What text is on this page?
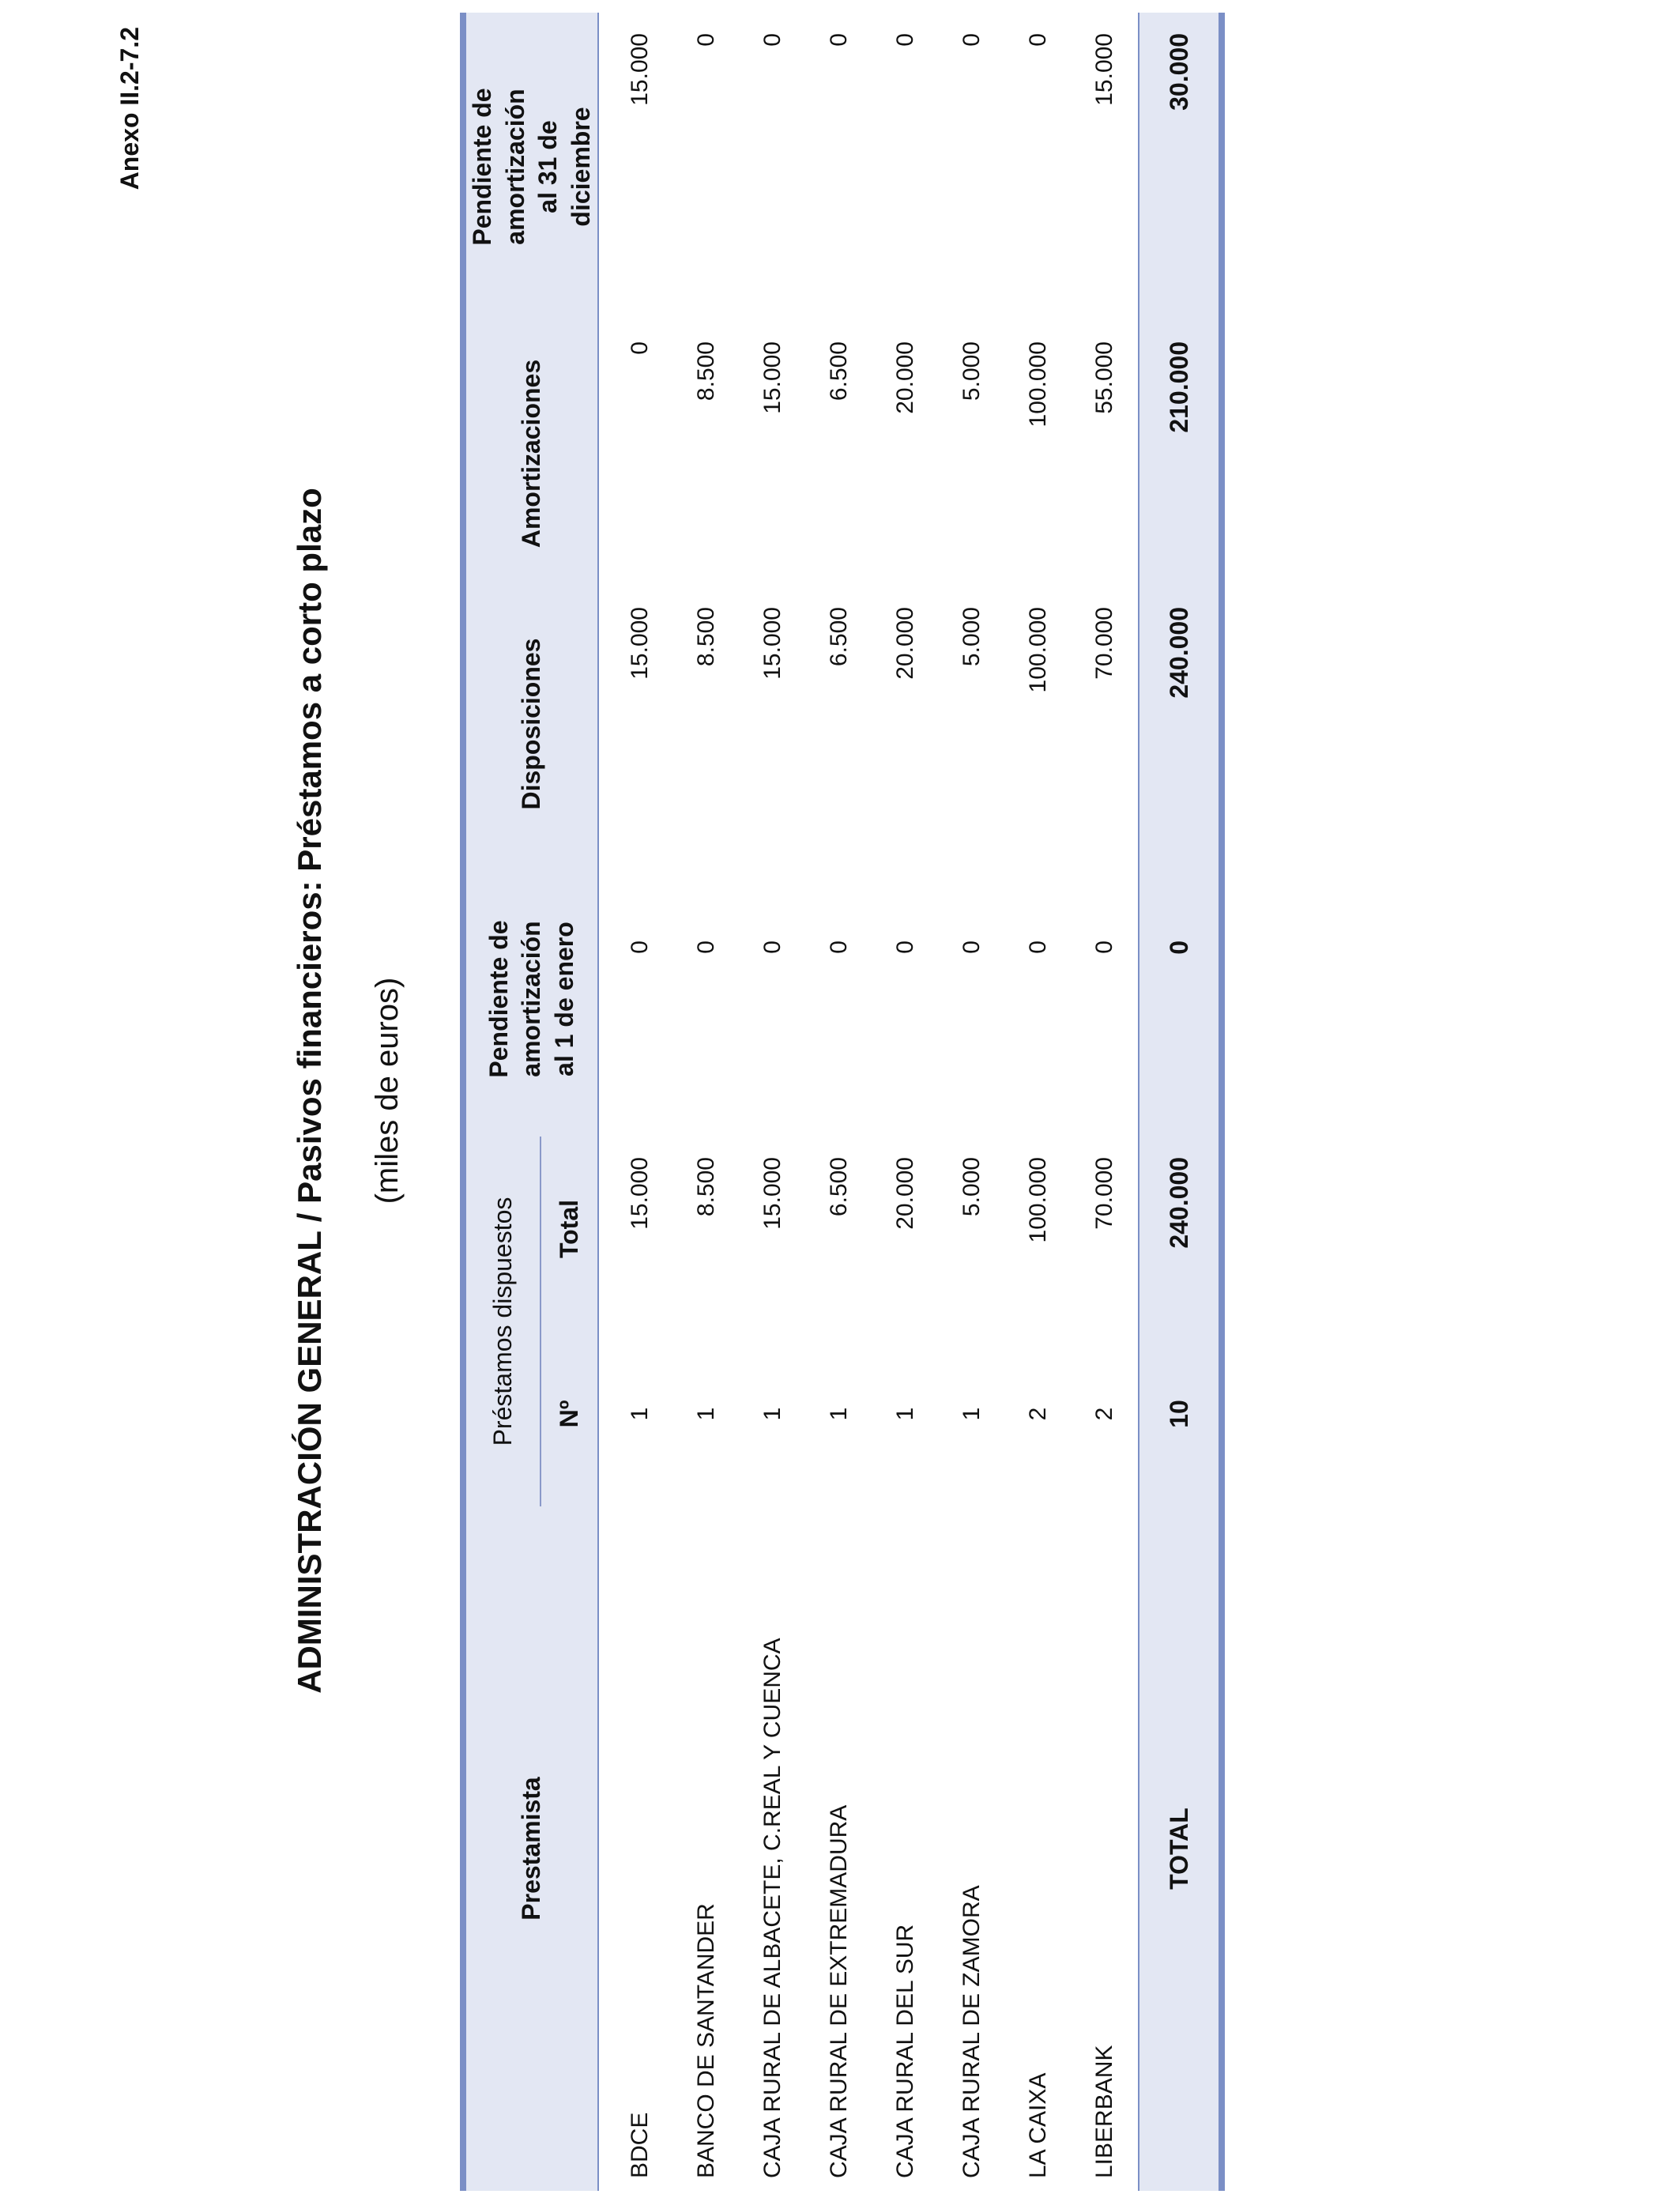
Anexo II.2-7.2
ADMINISTRACIÓN GENERAL / Pasivos financieros: Préstamos a corto plazo (miles de euros)
Prestamista	Préstamos dispuestos		Pendiente de amortización al 1 de enero	Disposiciones	Amortizaciones	Pendiente de amortización al 31 de diciembre
	Nº	Total				
BDCE	1	15.000	0	15.000	0	15.000
BANCO DE SANTANDER	1	8.500	0	8.500	8.500	0
CAJA RURAL DE ALBACETE, C.REAL Y CUENCA	1	15.000	0	15.000	15.000	0
CAJA RURAL DE EXTREMADURA	1	6.500	0	6.500	6.500	0
CAJA RURAL DEL SUR	1	20.000	0	20.000	20.000	0
CAJA RURAL DE ZAMORA	1	5.000	0	5.000	5.000	0
LA CAIXA	2	100.000	0	100.000	100.000	0
LIBERBANK	2	70.000	0	70.000	55.000	15.000
TOTAL	10	240.000	0	240.000	210.000	30.000
